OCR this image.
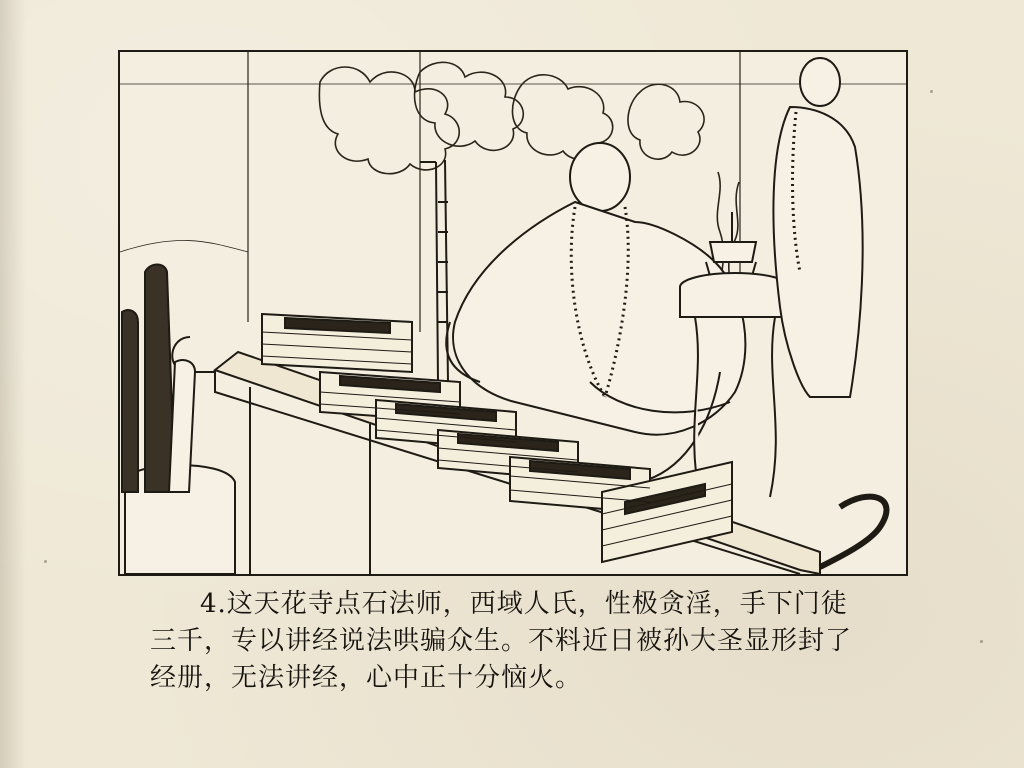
4.这天花寺点石法师，西域人氏，性极贪淫，手下门徒
三千，专以讲经说法哄骗众生。不料近日被孙大圣显形封了
经册，无法讲经，心中正十分恼火。
